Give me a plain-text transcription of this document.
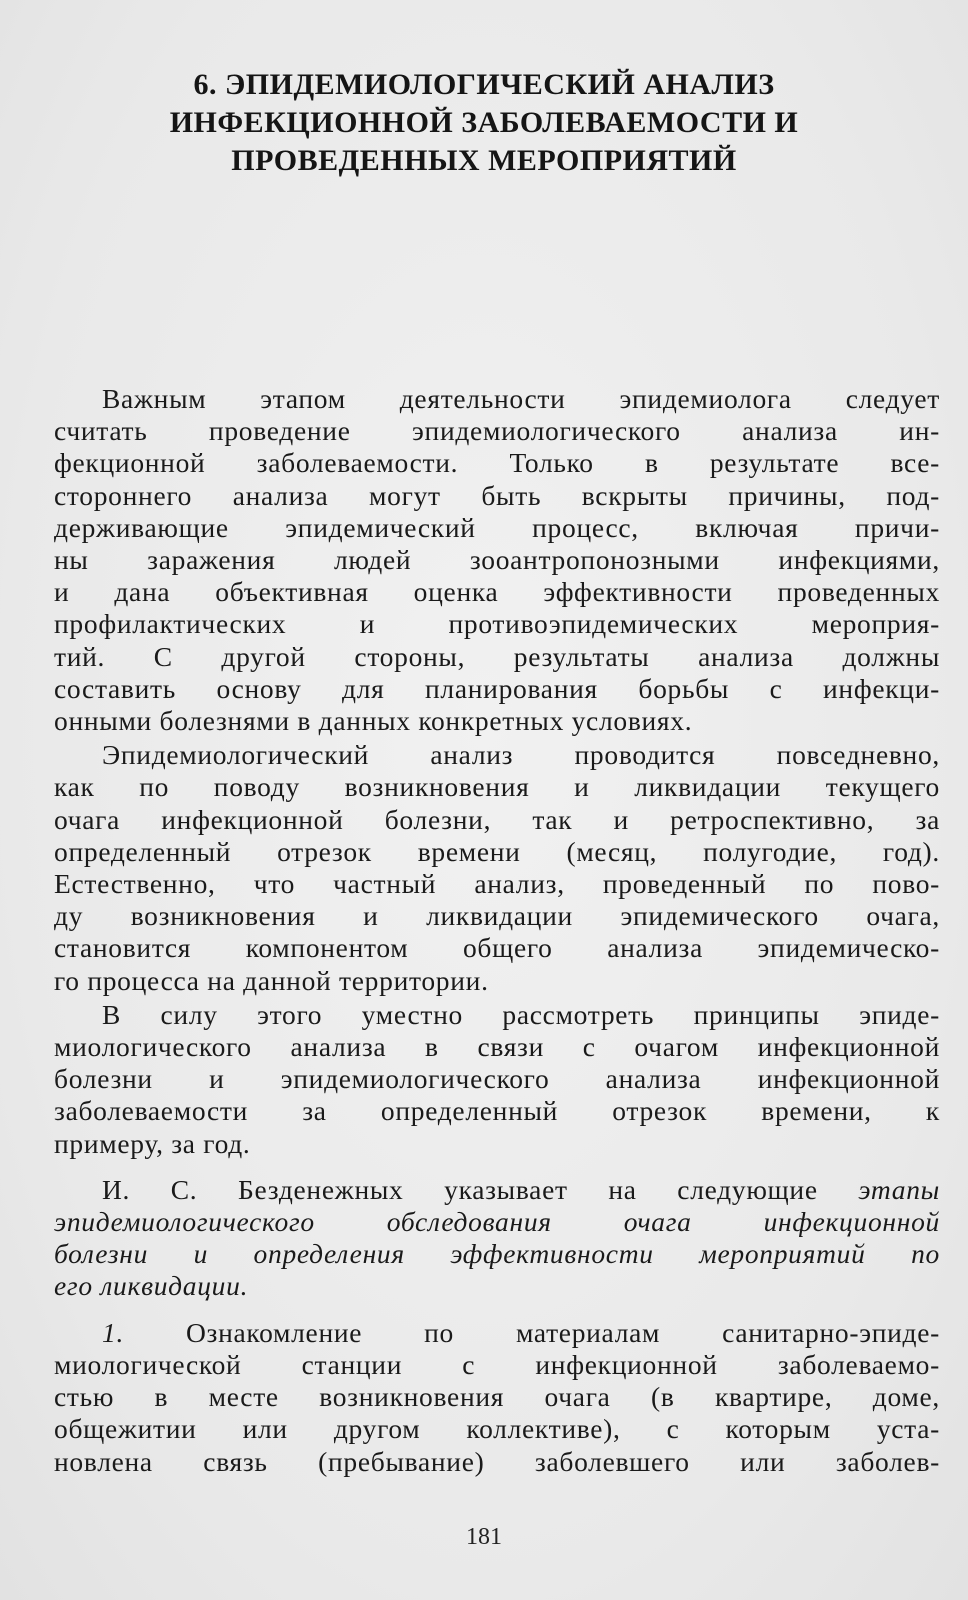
6. ЭПИДЕМИОЛОГИЧЕСКИЙ АНАЛИЗ
ИНФЕКЦИОННОЙ ЗАБОЛЕВАЕМОСТИ И
ПРОВЕДЕННЫХ МЕРОПРИЯТИЙ

Важным этапом деятельности эпидемиолога следует
считать проведение эпидемиологического анализа ин-
фекционной заболеваемости. Только в результате все-
стороннего анализа могут быть вскрыты причины, под-
держивающие эпидемический процесс, включая причи-
ны заражения людей зооантропонозными инфекциями,
и дана объективная оценка эффективности проведенных
профилактических и противоэпидемических мероприя-
тий. С другой стороны, результаты анализа должны
составить основу для планирования борьбы с инфекци-
онными болезнями в данных конкретных условиях.

Эпидемиологический анализ проводится повседневно,
как по поводу возникновения и ликвидации текущего
очага инфекционной болезни, так и ретроспективно, за
определенный отрезок времени (месяц, полугодие, год).
Естественно, что частный анализ, проведенный по пово-
ду возникновения и ликвидации эпидемического очага,
становится компонентом общего анализа эпидемическо-
го процесса на данной территории.

В силу этого уместно рассмотреть принципы эпиде-
миологического анализа в связи с очагом инфекционной
болезни и эпидемиологического анализа инфекционной
заболеваемости за определенный отрезок времени, к
примеру, за год.

И. С. Безденежных указывает на следующие этапы
эпидемиологического обследования очага инфекционной
болезни и определения эффективности мероприятий по
его ликвидации.

1. Ознакомление по материалам санитарно-эпиде-
миологической станции с инфекционной заболеваемо-
стью в месте возникновения очага (в квартире, доме,
общежитии или другом коллективе), с которым уста-
новлена связь (пребывание) заболевшего или заболев-

181
